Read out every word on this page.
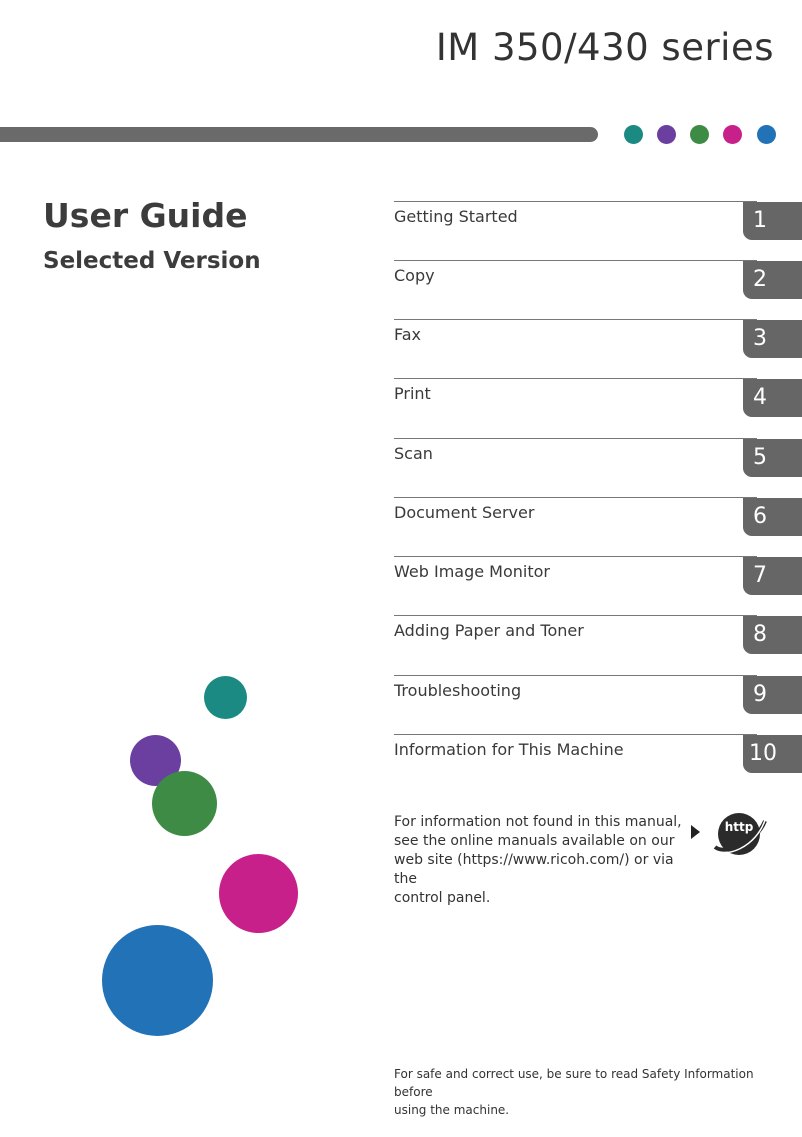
IM 350/430 series
User Guide
Selected Version
Getting Started	1
Copy	2
Fax	3
Print	4
Scan	5
Document Server	6
Web Image Monitor	7
Adding Paper and Toner	8
Troubleshooting	9
Information for This Machine	10
For information not found in this manual,
see the online manuals available on our
web site (https://www.ricoh.com/) or via the
control panel.
http
For safe and correct use, be sure to read Safety Information before
using the machine.
